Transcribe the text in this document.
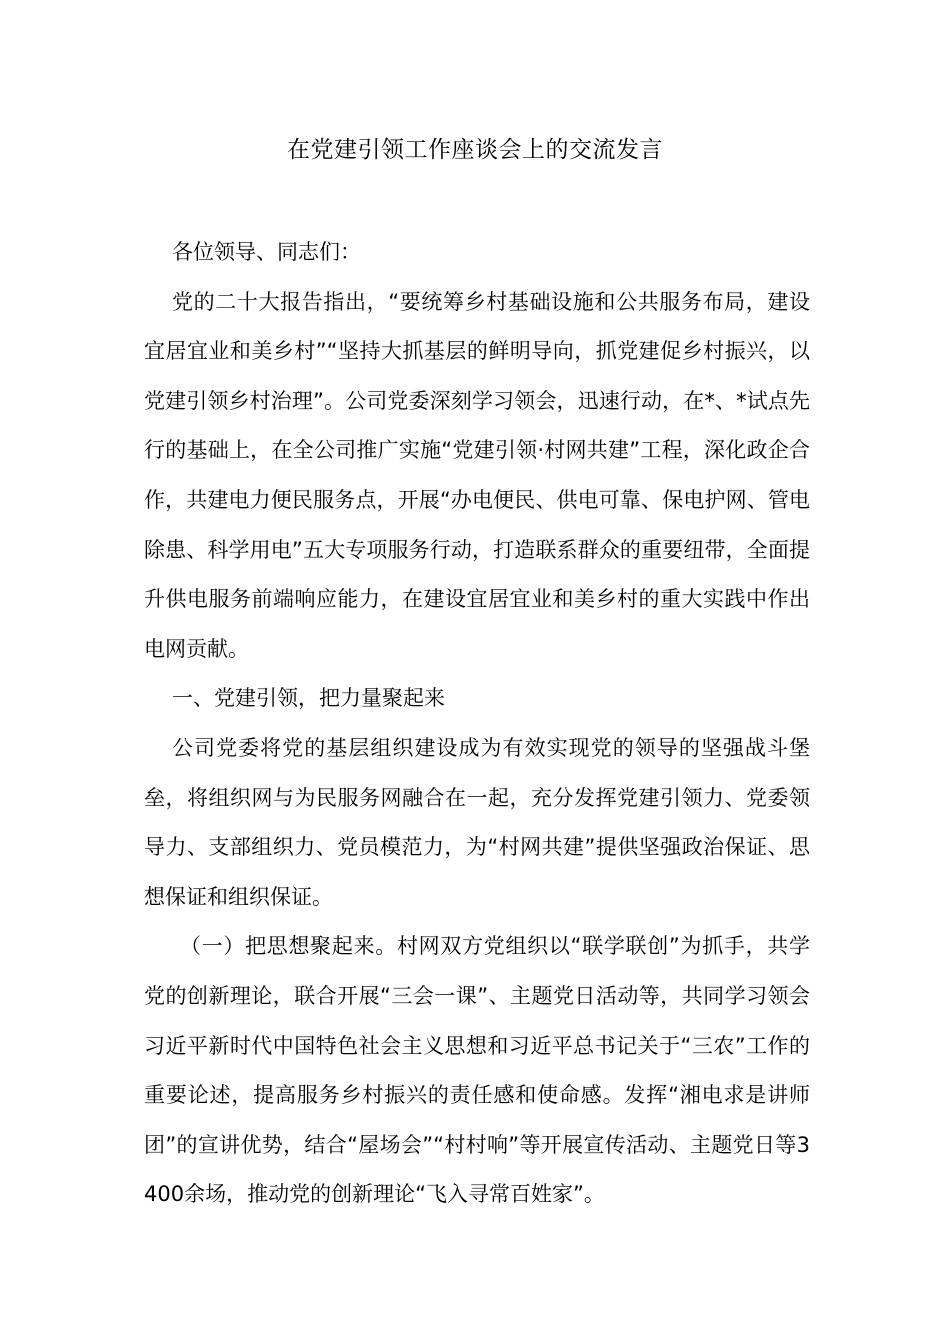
在党建引领工作座谈会上的交流发言

各位领导、同志们：

党的二十大报告指出，“要统筹乡村基础设施和公共服务布局，建设宜居宜业和美乡村”“坚持大抓基层的鲜明导向，抓党建促乡村振兴，以党建引领乡村治理”。公司党委深刻学习领会，迅速行动，在*、*试点先行的基础上，在全公司推广实施“党建引领·村网共建”工程，深化政企合作，共建电力便民服务点，开展“办电便民、供电可靠、保电护网、管电除患、科学用电”五大专项服务行动，打造联系群众的重要纽带，全面提升供电服务前端响应能力，在建设宜居宜业和美乡村的重大实践中作出电网贡献。

一、党建引领，把力量聚起来

公司党委将党的基层组织建设成为有效实现党的领导的坚强战斗堡垒，将组织网与为民服务网融合在一起，充分发挥党建引领力、党委领导力、支部组织力、党员模范力，为“村网共建”提供坚强政治保证、思想保证和组织保证。

（一）把思想聚起来。村网双方党组织以“联学联创”为抓手，共学党的创新理论，联合开展“三会一课”、主题党日活动等，共同学习领会习近平新时代中国特色社会主义思想和习近平总书记关于“三农”工作的重要论述，提高服务乡村振兴的责任感和使命感。发挥“湘电求是讲师团”的宣讲优势，结合“屋场会”“村村响”等开展宣传活动、主题党日等3400余场，推动党的创新理论“飞入寻常百姓家”。
